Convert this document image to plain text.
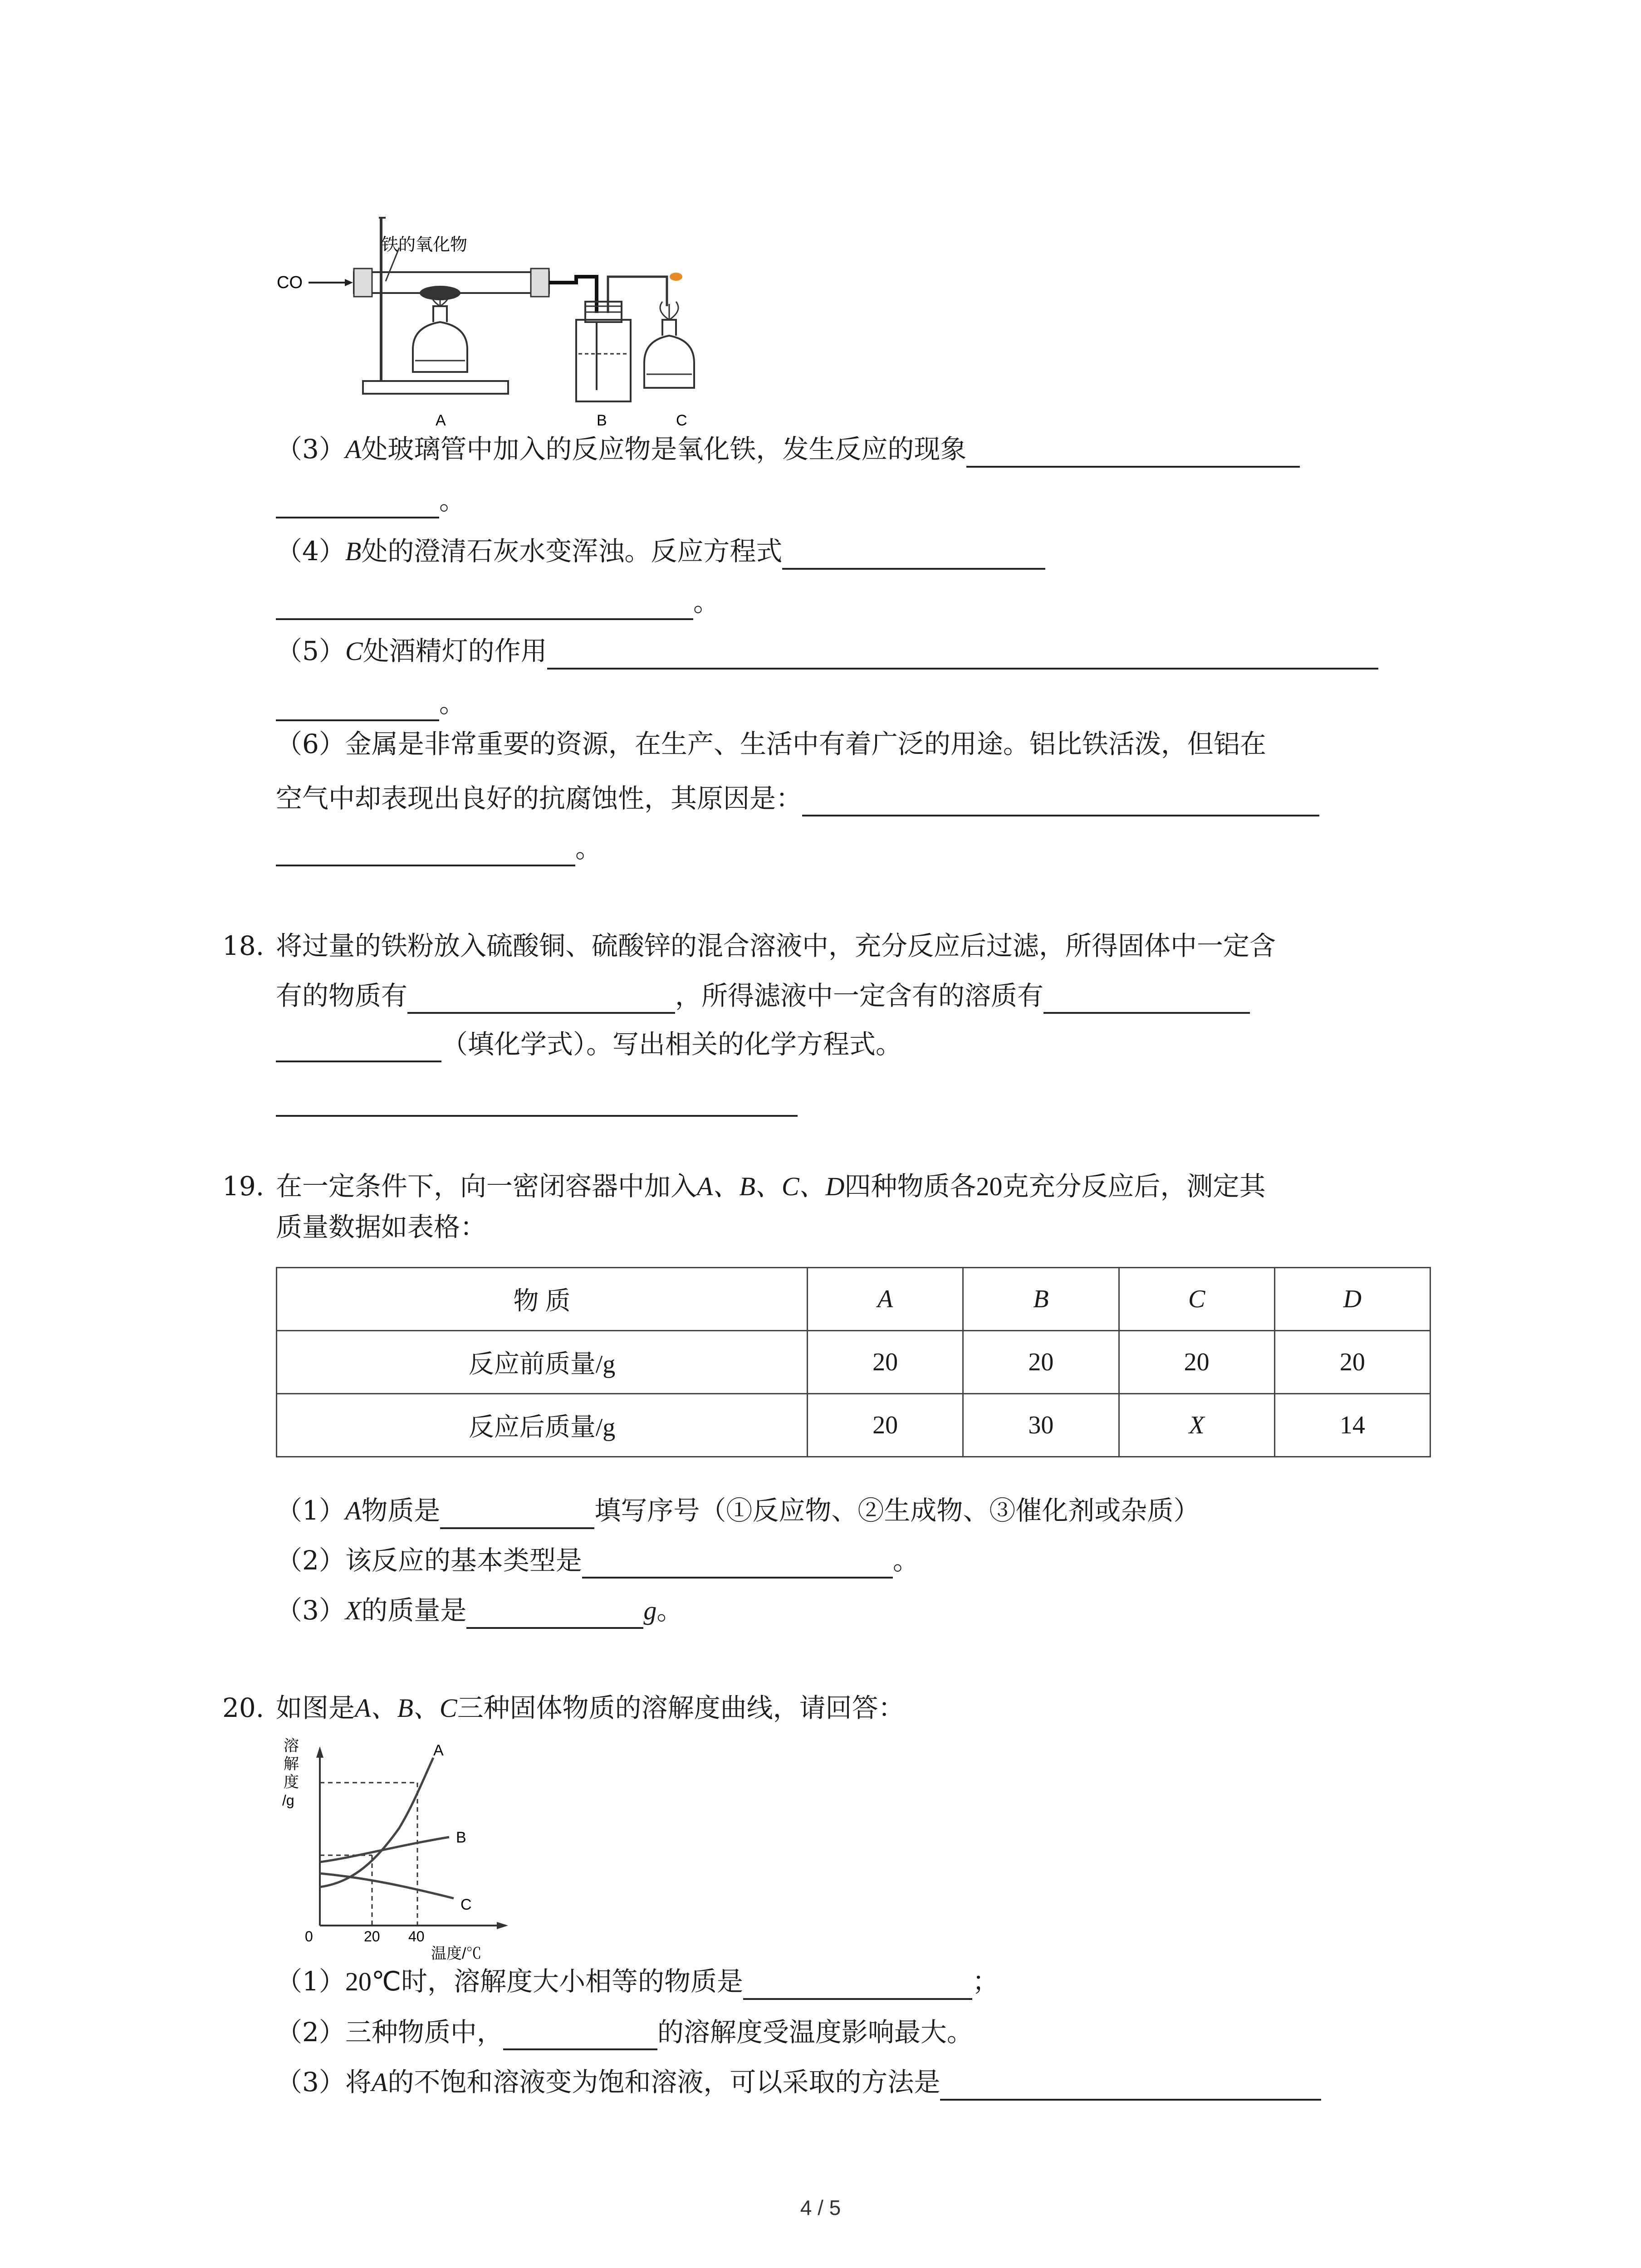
CO
铁的氧化物
A	B	C
（3）A处玻璃管中加入的反应物是氧化铁，发生反应的现象
。
（4）B处的澄清石灰水变浑浊。反应方程式
。
（5）C处酒精灯的作用
。
（6）金属是非常重要的资源，在生产、生活中有着广泛的用途。铝比铁活泼，但铝在
空气中却表现出良好的抗腐蚀性，其原因是：
。
18. 将过量的铁粉放入硫酸铜、硫酸锌的混合溶液中，充分反应后过滤，所得固体中一定含
有的物质有	，所得滤液中一定含有的溶质有
（填化学式）。写出相关的化学方程式。
19. 在一定条件下，向一密闭容器中加入A、B、C、D四种物质各20克充分反应后，测定其
质量数据如表格：
物 质	A	B	C	D
反应前质量/g	20	20	20	20
反应后质量/g	20	30	X	14
（1）A物质是	填写序号（①反应物、②生成物、③催化剂或杂质）
（2）该反应的基本类型是	。
（3）X的质量是	g。
20. 如图是A、B、C三种固体物质的溶解度曲线，请回答：
溶
解
度
/g
0	20 40
温度/℃
A
B
C
（1）20℃时，溶解度大小相等的物质是	；
（2）三种物质中，	的溶解度受温度影响最大。
（3）将A的不饱和溶液变为饱和溶液，可以采取的方法是
4 / 5
